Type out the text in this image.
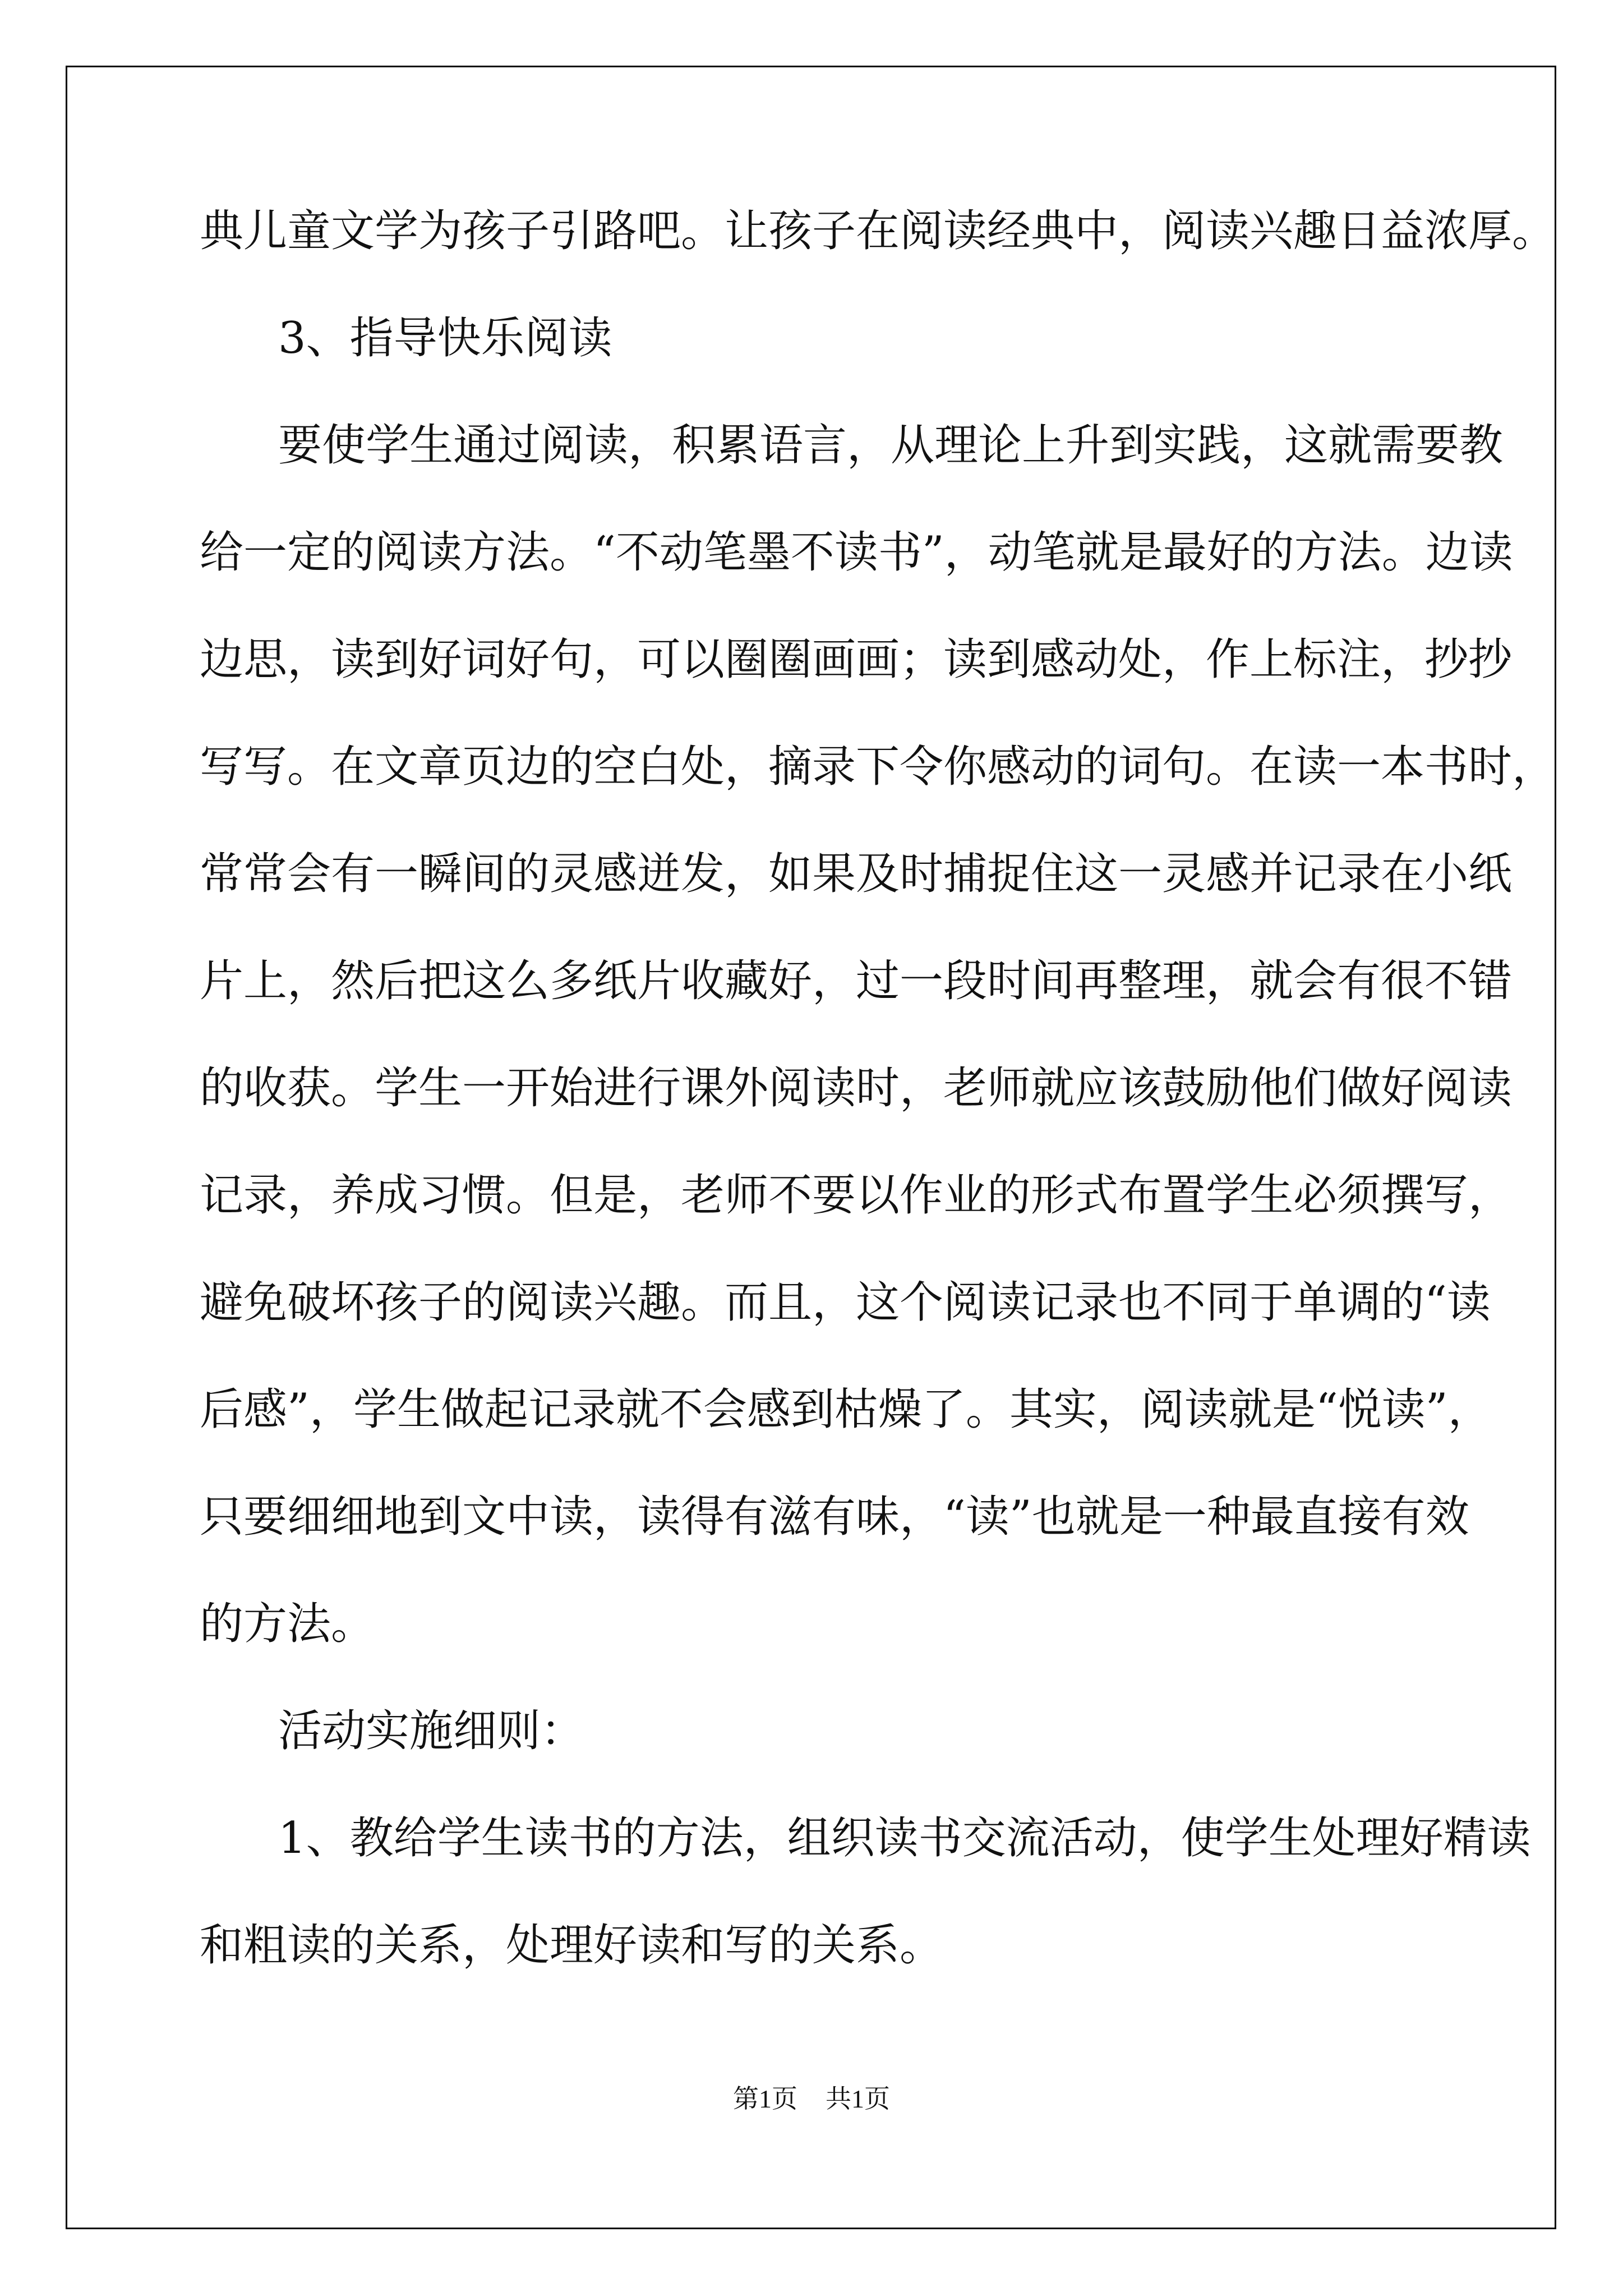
典儿童文学为孩子引路吧。让孩子在阅读经典中，阅读兴趣日益浓厚。
3、指导快乐阅读
要使学生通过阅读，积累语言，从理论上升到实践，这就需要教
给一定的阅读方法。“不动笔墨不读书”，动笔就是最好的方法。边读
边思，读到好词好句，可以圈圈画画；读到感动处，作上标注，抄抄
写写。在文章页边的空白处，摘录下令你感动的词句。在读一本书时，
常常会有一瞬间的灵感迸发，如果及时捕捉住这一灵感并记录在小纸
片上，然后把这么多纸片收藏好，过一段时间再整理，就会有很不错
的收获。学生一开始进行课外阅读时，老师就应该鼓励他们做好阅读
记录，养成习惯。但是，老师不要以作业的形式布置学生必须撰写，
避免破坏孩子的阅读兴趣。而且，这个阅读记录也不同于单调的“读
后感”，学生做起记录就不会感到枯燥了。其实，阅读就是“悦读”，
只要细细地到文中读，读得有滋有味，“读”也就是一种最直接有效
的方法。
活动实施细则：
1、教给学生读书的方法，组织读书交流活动，使学生处理好精读
和粗读的关系，处理好读和写的关系。
第1页 共1页
